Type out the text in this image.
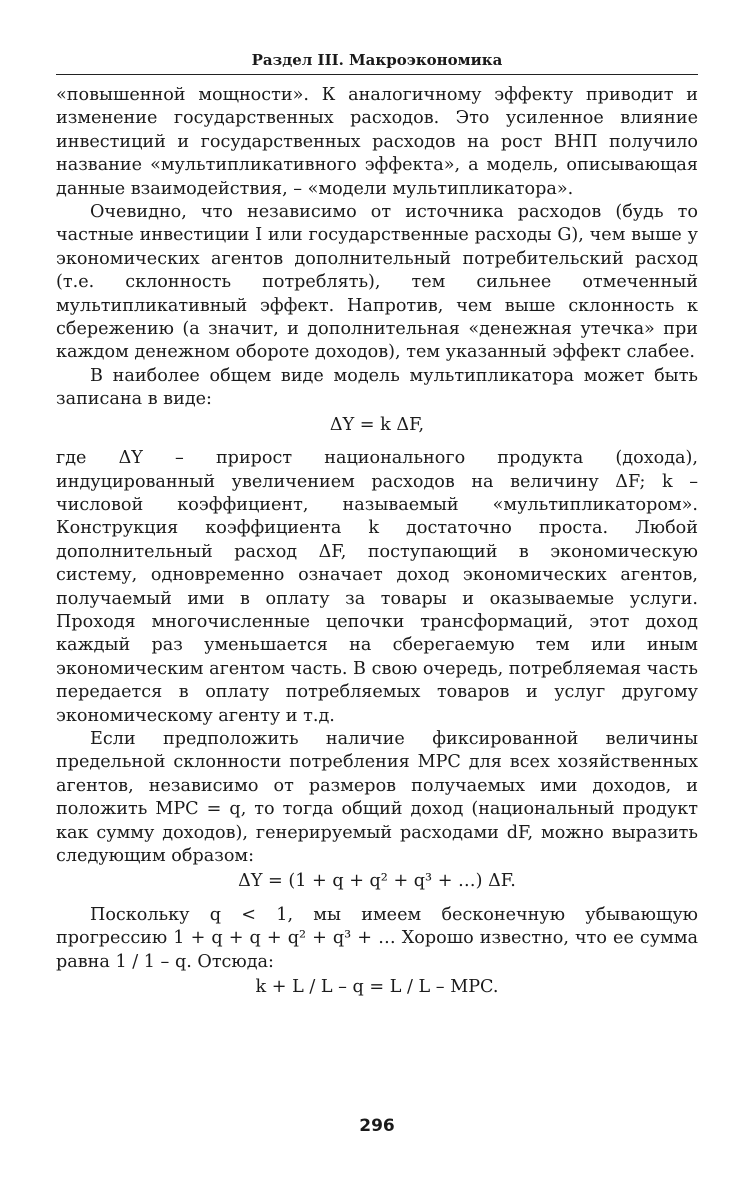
Раздел III. Макроэкономика

«повышенной мощности». К аналогичному эффекту приводит и изменение государственных расходов. Это усиленное влияние инвестиций и государственных расходов на рост ВНП получило название «мультипликативного эффекта», а модель, описывающая данные взаимодействия, – «модели мультипликатора».

Очевидно, что независимо от источника расходов (будь то частные инвестиции I или государственные расходы G), чем выше у экономических агентов дополнительный потребительский расход (т.е. склонность потреблять), тем сильнее отмеченный мультипликативный эффект. Напротив, чем выше склонность к сбережению (а значит, и дополнительная «денежная утечка» при каждом денежном обороте доходов), тем указанный эффект слабее.

В наиболее общем виде модель мультипликатора может быть записана в виде:

ΔY = k ΔF,

где ΔY – прирост национального продукта (дохода), индуцированный увеличением расходов на величину ΔF; k – числовой коэффициент, называемый «мультипликатором». Конструкция коэффициента k достаточно проста. Любой дополнительный расход ΔF, поступающий в экономическую систему, одновременно означает доход экономических агентов, получаемый ими в оплату за товары и оказываемые услуги. Проходя многочисленные цепочки трансформаций, этот доход каждый раз уменьшается на сберегаемую тем или иным экономическим агентом часть. В свою очередь, потребляемая часть передается в оплату потребляемых товаров и услуг другому экономическому агенту и т.д.

Если предположить наличие фиксированной величины предельной склонности потребления MPC для всех хозяйственных агентов, независимо от размеров получаемых ими доходов, и положить MPC = q, то тогда общий доход (национальный продукт как сумму доходов), генерируемый расходами dF, можно выразить следующим образом:

ΔY = (1 + q + q² + q³ + …) ΔF.

Поскольку q < 1, мы имеем бесконечную убывающую прогрессию 1 + q + q + q² + q³ + … Хорошо известно, что ее сумма равна 1 / 1 – q. Отсюда:

k + L / L – q = L / L – MPC.

296
